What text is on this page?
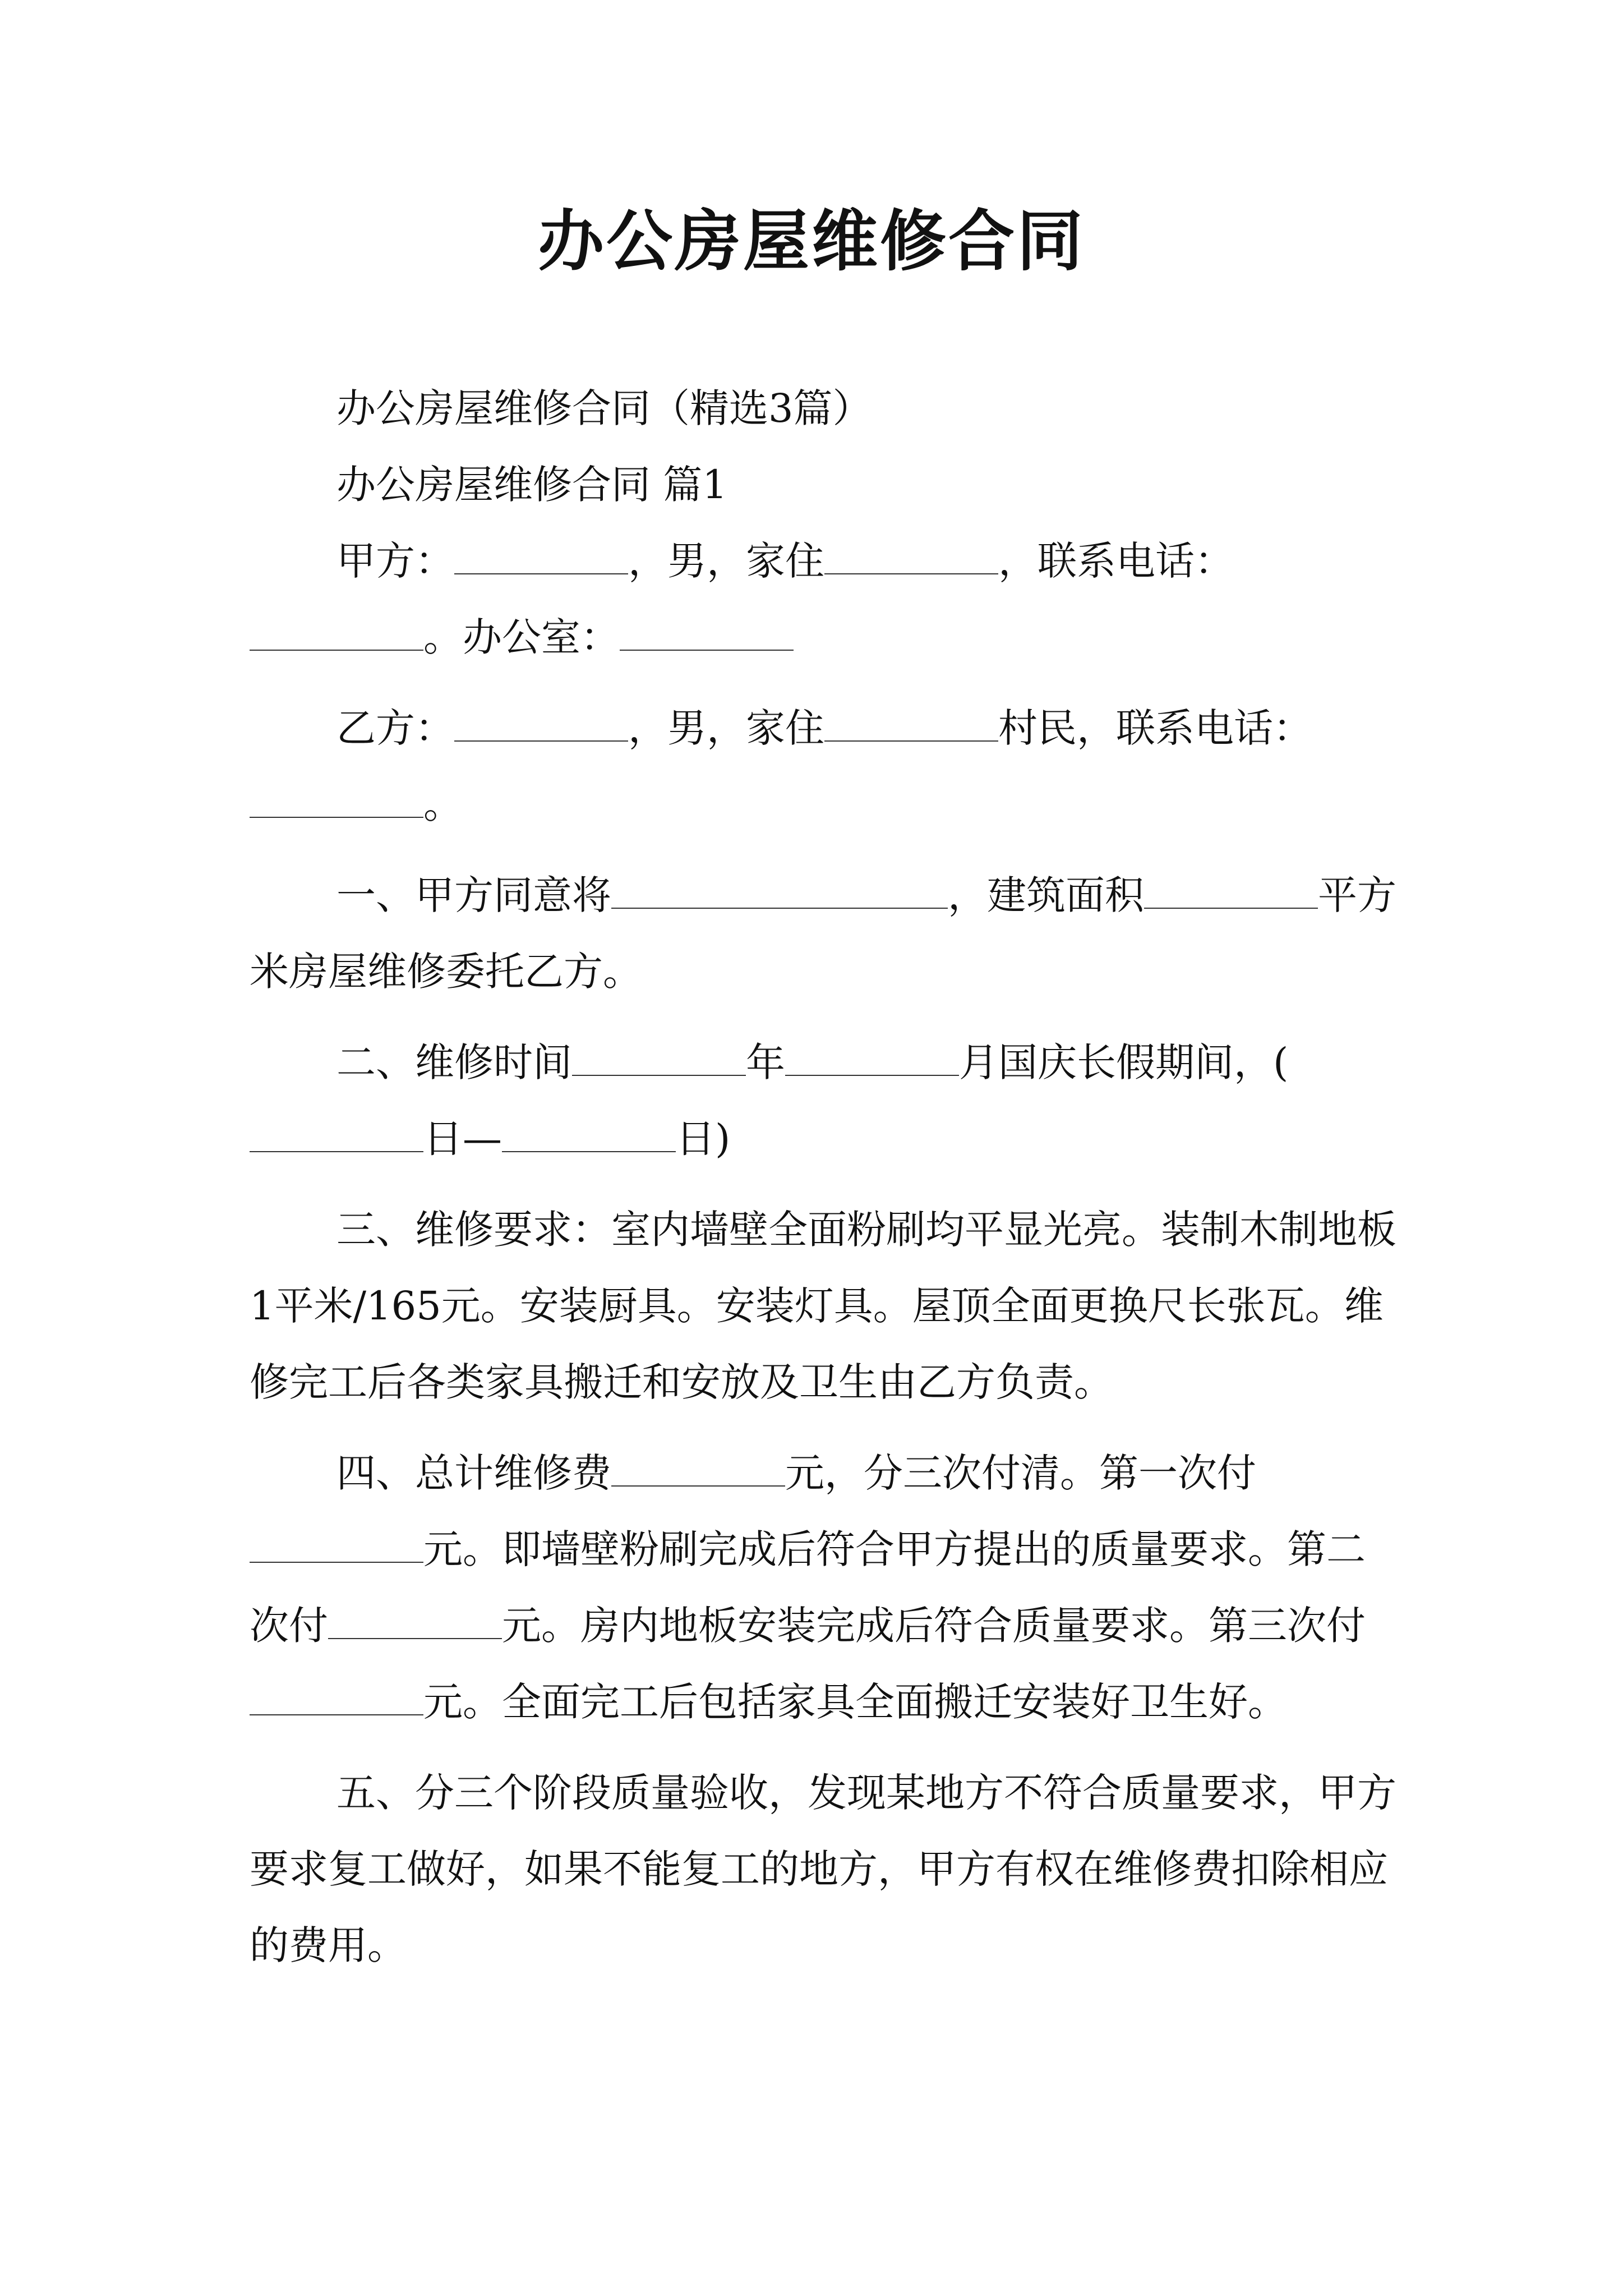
办公房屋维修合同

办公房屋维修合同（精选3篇）

办公房屋维修合同 篇1

甲方：	，男，家住	，联系电话：。办公室：

乙方：	，男，家住	村民，联系电话：。

一、甲方同意将	，建筑面积	平方米房屋维修委托乙方。

二、维修时间	年	月国庆长假期间，(日—	日)

三、维修要求：室内墙壁全面粉刷均平显光亮。装制木制地板1平米/165元。安装厨具。安装灯具。屋顶全面更换尺长张瓦。维修完工后各类家具搬迁和安放及卫生由乙方负责。

四、总计维修费	元，分三次付清。第一次付元。即墙壁粉刷完成后符合甲方提出的质量要求。第二次付	元。房内地板安装完成后符合质量要求。第三次付元。全面完工后包括家具全面搬迁安装好卫生好。

五、分三个阶段质量验收，发现某地方不符合质量要求，甲方要求复工做好，如果不能复工的地方，甲方有权在维修费扣除相应的费用。
